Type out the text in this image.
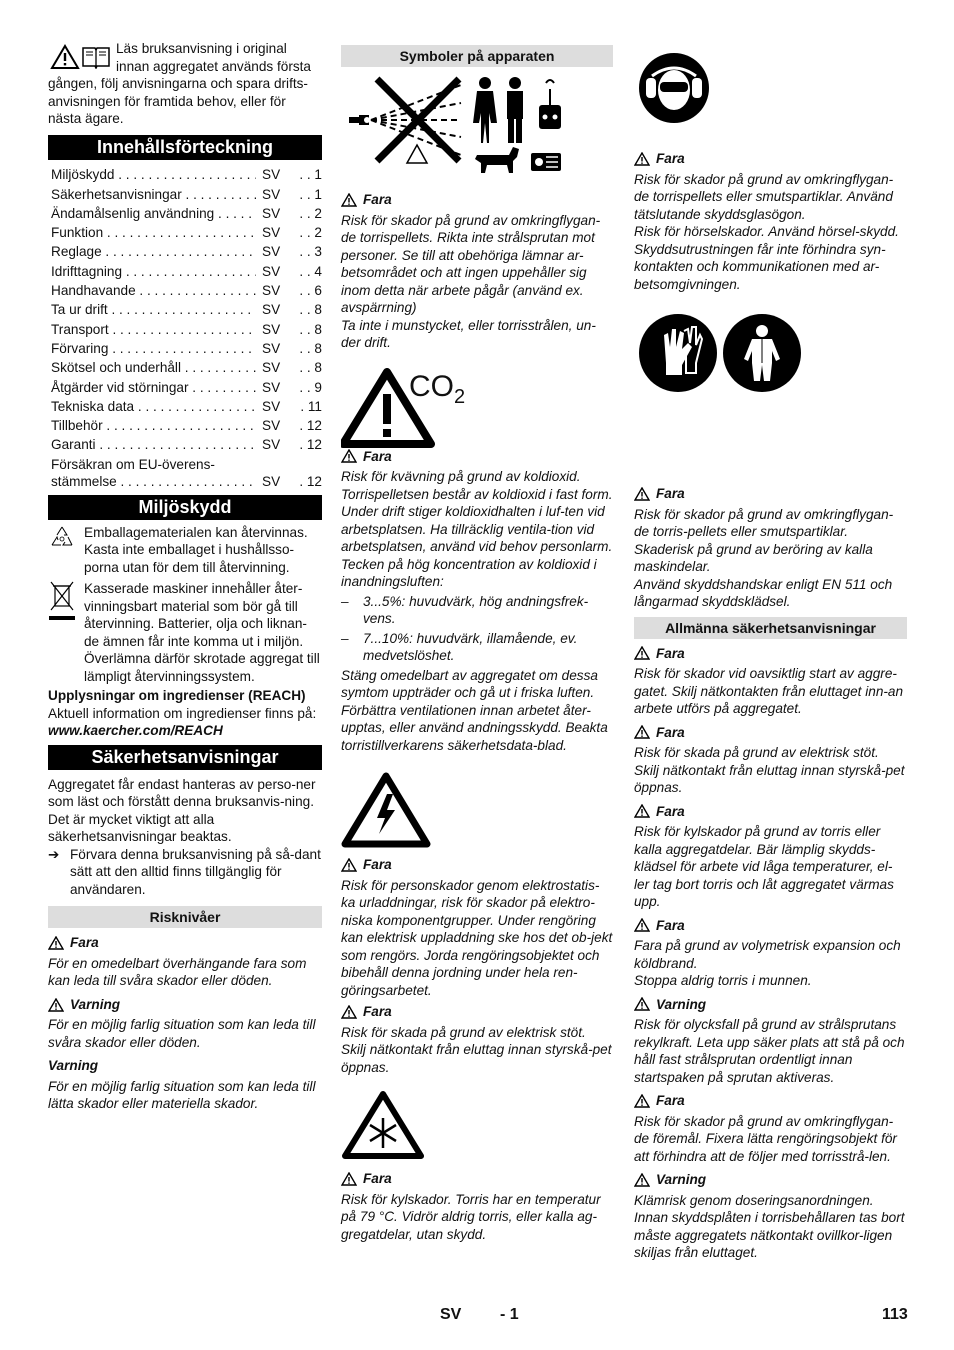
Läs bruksanvisning i original

innan aggregatet används första

gången, följ anvisningarna och spara drifts-

anvisningen för framtida behov, eller för

nästa ägare.

Innehållsförteckning
Miljöskydd . . .	SV	. . 1
Säkerhetsanvisningar . . .	SV	. . 1
Ändamålsenlig användning . . .	SV	. . 2
Funktion . . .	SV	. . 2
Reglage . . .	SV	. . 3
Idrifttagning . . .	SV	. . 4
Handhavande . . .	SV	. . 6
Ta ur drift . . .	SV	. . 8
Transport . . .	SV	. . 8
Förvaring . . .	SV	. . 8
Skötsel och underhåll . . .	SV	. . 8
Åtgärder vid störningar . . .	SV	. . 9
Tekniska data . . .	SV	. 11
Tillbehör . . .	SV	. 12
Garanti . . .	SV	. 12
Försäkran om EU-överens-
stämmelse . . .	SV	. 12
Miljöskydd

Emballagematerialen kan återvinnas. Kasta inte emballaget i hushållsso-porna utan för dem till återvinning.

Kasserade maskiner innehåller åter-vinningsbart material som bör gå till återvinning. Batterier, olja och liknan-de ämnen får inte komma ut i miljön. Överlämna därför skrotade aggregat till lämpligt återvinningssystem.

Upplysningar om ingredienser (REACH)

Aktuell information om ingredienser finns på:

www.kaercher.com/REACH

Säkerhetsanvisningar

Aggregatet får endast hanteras av perso-ner som läst och förstått denna bruksanvis-ning. Det är mycket viktigt att alla säkerhetsanvisningar beaktas.

➔ Förvara denna bruksanvisning på så-dant sätt att den alltid finns tillgänglig för användaren.

Risknivåer
Fara

För en omedelbart överhängande fara som kan leda till svåra skador eller döden.

Varning

För en möjlig farlig situation som kan leda till svåra skador eller döden.

Varning

För en möjlig farlig situation som kan leda till lätta skador eller materiella skador.

Symboler på apparaten
Fara

Risk för skador på grund av omkringflygan-de torrispellets. Rikta inte strålsprutan mot personer. Se till att obehöriga lämnar ar-betsområdet och att ingen uppehåller sig inom detta när arbete pågår (använd ex. avspärrning)

Ta inte i munstycket, eller torrisstrålen, un-der drift.

$CO_2$
Fara

Risk för kvävning på grund av koldioxid. Torrispelletsen består av koldioxid i fast form. Under drift stiger koldioxidhalten i luf-ten vid arbetsplatsen. Ha tillräcklig ventila-tion vid arbetsplatsen, använd vid behov personlarm. Tecken på hög koncentration av koldioxid i inandningsluften:

–	3...5%: huvudvärk, hög andningsfrek-vens.

–	7...10%: huvudvärk, illamående, ev. medvetslöshet.

Stäng omedelbart av aggregatet om dessa symtom uppträder och gå ut i friska luften. Förbättra ventilationen innan arbetet åter-upptas, eller använd andningsskydd. Beakta torristillverkarens säkerhetsdata-blad.

Fara

Risk för personskador genom elektrostatis-ka urladdningar, risk för skador på elektro-niska komponentgrupper. Under rengöring kan elektrisk uppladdning ske hos det ob-jekt som rengörs. Jorda rengöringsobjektet och bibehåll denna jordning under hela ren-göringsarbetet.

Fara

Risk för skada på grund av elektrisk stöt. Skilj nätkontakt från eluttag innan styrskå-pet öppnas.

Fara

Risk för kylskador. Torris har en temperatur på 79 °C. Vidrör aldrig torris, eller kalla ag-gregatdelar, utan skydd.

Fara

Risk för skador på grund av omkringflygan-de torrispellets eller smutspartiklar. Använd tätslutande skyddsglasögon.

Risk för hörselskador. Använd hörsel-skydd.

Skyddsutrustningen får inte förhindra syn-kontakten och kommunikationen med ar-betsomgivningen.

Fara

Risk för skador på grund av omkringflygan-de torris-pellets eller smutspartiklar. Skaderisk på grund av beröring av kalla maskindelar.

Använd skyddshandskar enligt EN 511 och långarmad skyddsklädsel.

Allmänna säkerhetsanvisningar
Fara

Risk för skador vid oavsiktlig start av aggre-gatet. Skilj nätkontakten från eluttaget inn-an arbete utförs på aggregatet.

Fara

Risk för skada på grund av elektrisk stöt. Skilj nätkontakt från eluttag innan styrskå-pet öppnas.

Fara

Risk för kylskador på grund av torris eller kalla aggregatdelar. Bär lämplig skydds-klädsel för arbete vid låga temperaturer, el-ler tag bort torris och låt aggregatet värmas upp.

Fara

Fara på grund av volymetrisk expansion och köldbrand.

Stoppa aldrig torris i munnen.

Varning

Risk för olycksfall på grund av strålsprutans rekylkraft. Leta upp säker plats att stå på och håll fast strålsprutan ordentligt innan startspaken på sprutan aktiveras.

Fara

Risk för skador på grund av omkringflygan-de föremål. Fixera lätta rengöringsobjekt för att förhindra att de följer med torrisstrå-len.

Varning

Klämrisk genom doseringsanordningen. Innan skyddsplåten i torrisbehållaren tas bort måste aggregatets nätkontakt ovillkor-ligen skiljas från eluttaget.

SV - 1	113
